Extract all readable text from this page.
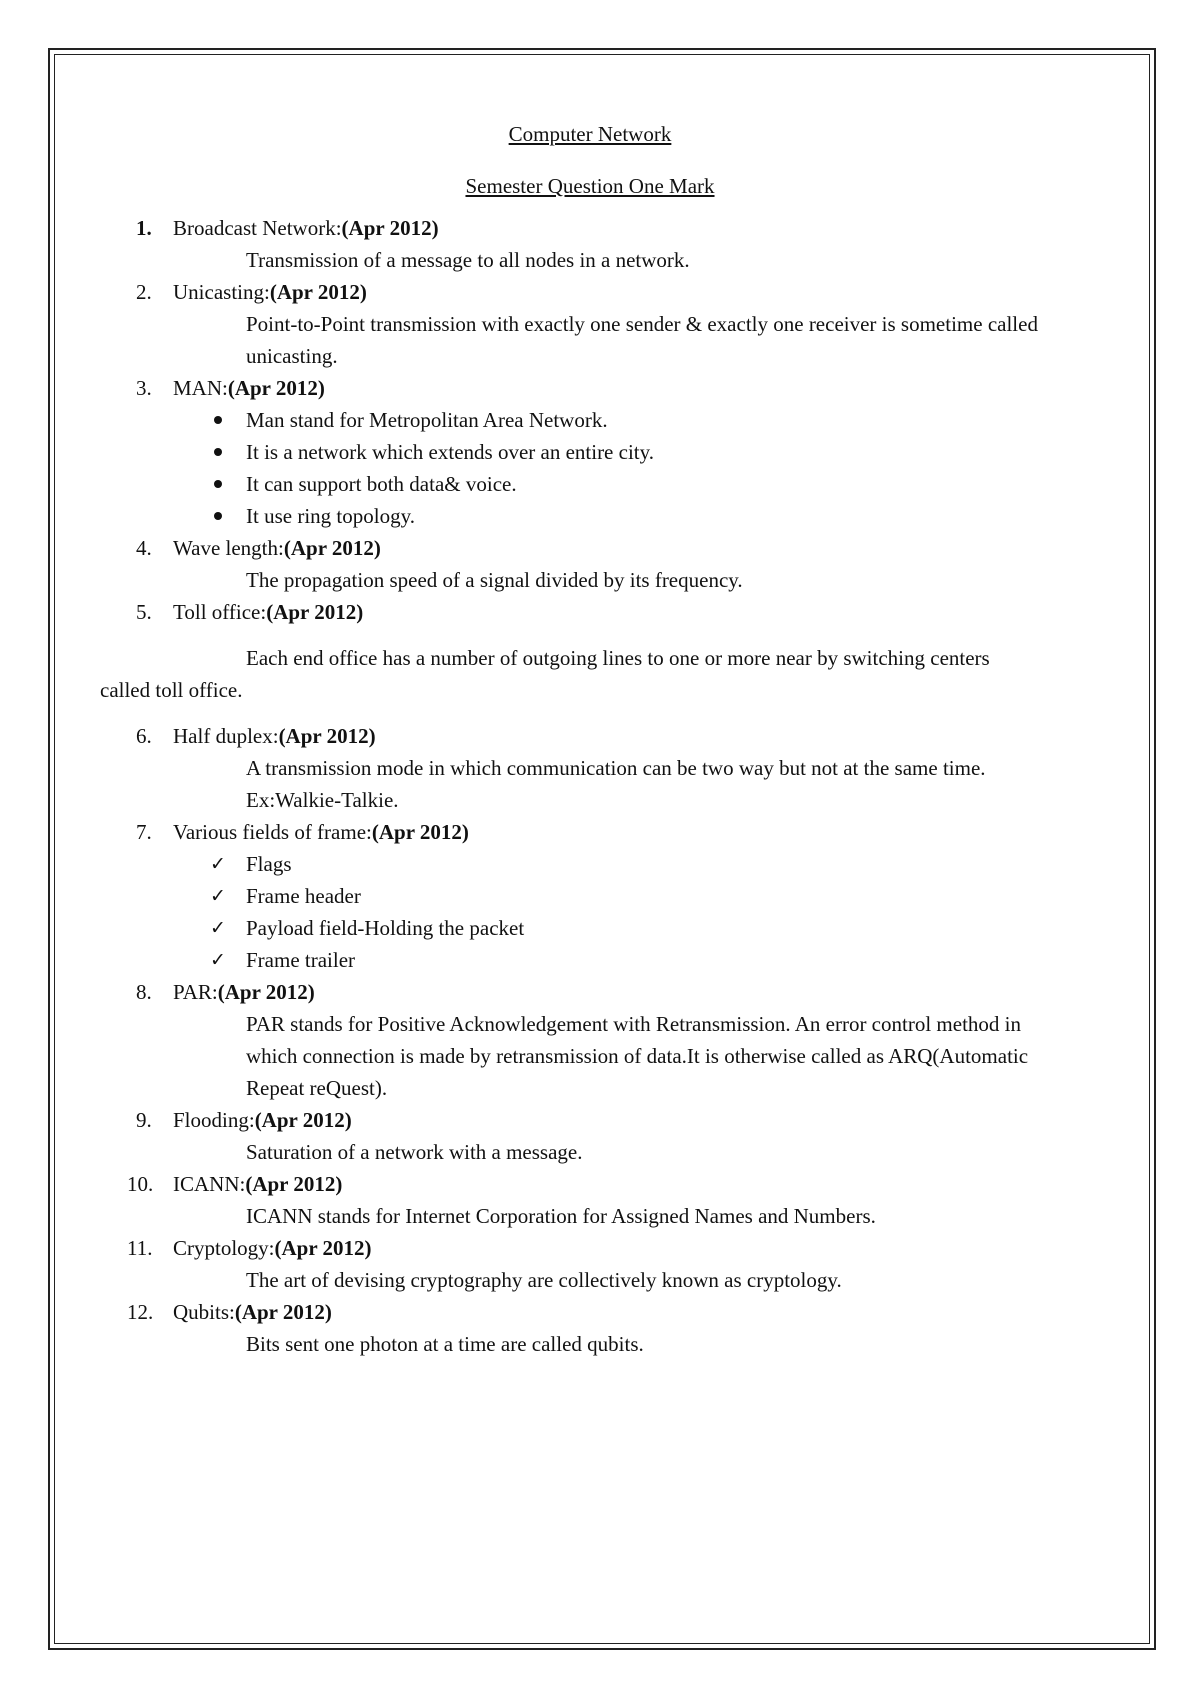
Computer Network
Semester Question One Mark
1. Broadcast Network:(Apr 2012)

Transmission of a message to all nodes in a network.

2. Unicasting:(Apr 2012)

Point-to-Point transmission with exactly one sender & exactly one receiver is sometime called unicasting.

3. MAN:(Apr 2012)
Man stand for Metropolitan Area Network.
It is a network which extends over an entire city.
It can support both data& voice.
It use ring topology.
4. Wave length:(Apr 2012)

The propagation speed of a signal divided by its frequency.

5. Toll office:(Apr 2012)

Each end office has a number of outgoing lines to one or more near by switching centers called toll office.

6. Half duplex:(Apr 2012)

A transmission mode in which communication can be two way but not at the same time.

Ex:Walkie-Talkie.

7. Various fields of frame:(Apr 2012)
✓ Flags
✓ Frame header
✓ Payload field-Holding the packet
✓ Frame trailer
8. PAR:(Apr 2012)

PAR stands for Positive Acknowledgement with Retransmission. An error control method in which connection is made by retransmission of data.It is otherwise called as ARQ(Automatic Repeat reQuest).

9. Flooding:(Apr 2012)

Saturation of a network with a message.

10. ICANN:(Apr 2012)

ICANN stands for Internet Corporation for Assigned Names and Numbers.

11. Cryptology:(Apr 2012)

The art of devising cryptography are collectively known as cryptology.

12. Qubits:(Apr 2012)

Bits sent one photon at a time are called qubits.
